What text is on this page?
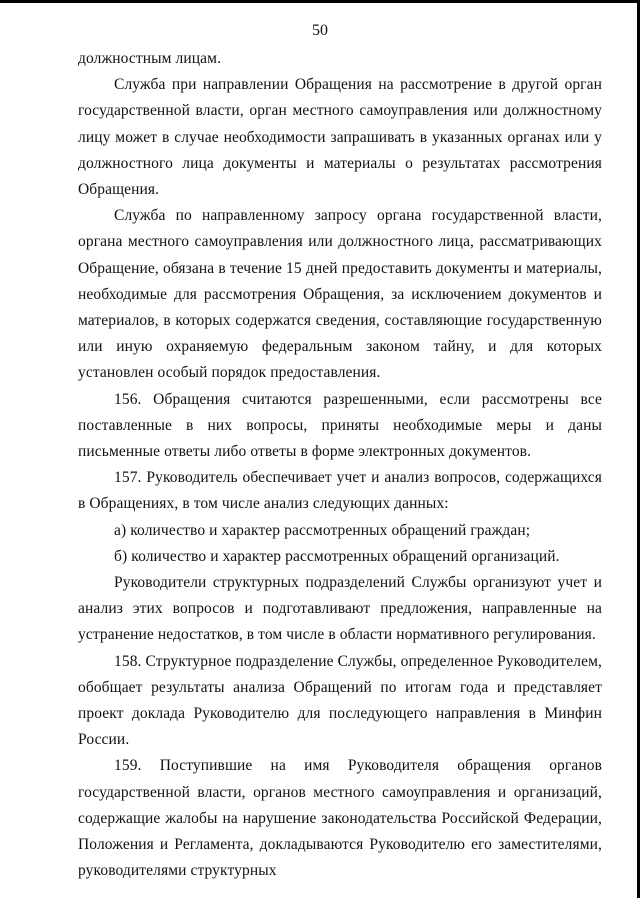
50

должностным лицам.

Служба при направлении Обращения на рассмотрение в другой орган государственной власти, орган местного самоуправления или должностному лицу может в случае необходимости запрашивать в указанных органах или у должностного лица документы и материалы о результатах рассмотрения Обращения.

Служба по направленному запросу органа государственной власти, органа местного самоуправления или должностного лица, рассматривающих Обращение, обязана в течение 15 дней предоставить документы и материалы, необходимые для рассмотрения Обращения, за исключением документов и материалов, в которых содержатся сведения, составляющие государственную или иную охраняемую федеральным законом тайну, и для которых установлен особый порядок предоставления.

156. Обращения считаются разрешенными, если рассмотрены все поставленные в них вопросы, приняты необходимые меры и даны письменные ответы либо ответы в форме электронных документов.

157. Руководитель обеспечивает учет и анализ вопросов, содержащихся в Обращениях, в том числе анализ следующих данных:

а) количество и характер рассмотренных обращений граждан;

б) количество и характер рассмотренных обращений организаций.

Руководители структурных подразделений Службы организуют учет и анализ этих вопросов и подготавливают предложения, направленные на устранение недостатков, в том числе в области нормативного регулирования.

158. Структурное подразделение Службы, определенное Руководителем, обобщает результаты анализа Обращений по итогам года и представляет проект доклада Руководителю для последующего направления в Минфин России.

159. Поступившие на имя Руководителя обращения органов государственной власти, органов местного самоуправления и организаций, содержащие жалобы на нарушение законодательства Российской Федерации, Положения и Регламента, докладываются Руководителю его заместителями, руководителями структурных
